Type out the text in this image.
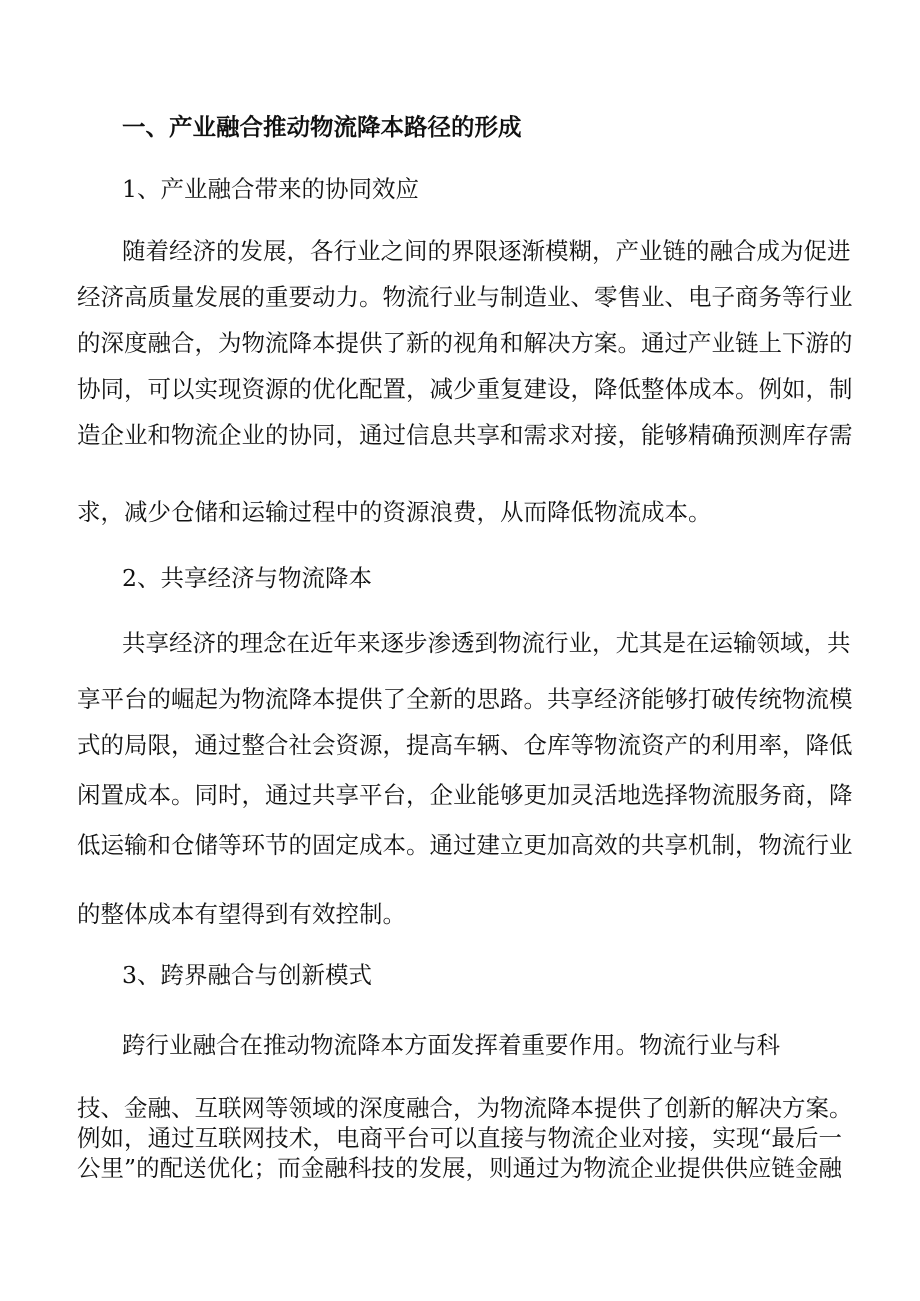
一、产业融合推动物流降本路径的形成
1、产业融合带来的协同效应
随着经济的发展，各行业之间的界限逐渐模糊，产业链的融合成为促进
经济高质量发展的重要动力。物流行业与制造业、零售业、电子商务等行业
的深度融合，为物流降本提供了新的视角和解决方案。通过产业链上下游的
协同，可以实现资源的优化配置，减少重复建设，降低整体成本。例如，制
造企业和物流企业的协同，通过信息共享和需求对接，能够精确预测库存需
求，减少仓储和运输过程中的资源浪费，从而降低物流成本。
2、共享经济与物流降本
共享经济的理念在近年来逐步渗透到物流行业，尤其是在运输领域，共
享平台的崛起为物流降本提供了全新的思路。共享经济能够打破传统物流模
式的局限，通过整合社会资源，提高车辆、仓库等物流资产的利用率，降低
闲置成本。同时，通过共享平台，企业能够更加灵活地选择物流服务商，降
低运输和仓储等环节的固定成本。通过建立更加高效的共享机制，物流行业
的整体成本有望得到有效控制。
3、跨界融合与创新模式
跨行业融合在推动物流降本方面发挥着重要作用。物流行业与科
技、金融、互联网等领域的深度融合，为物流降本提供了创新的解决方案。
例如，通过互联网技术，电商平台可以直接与物流企业对接，实现“最后一
公里”的配送优化；而金融科技的发展，则通过为物流企业提供供应链金融
